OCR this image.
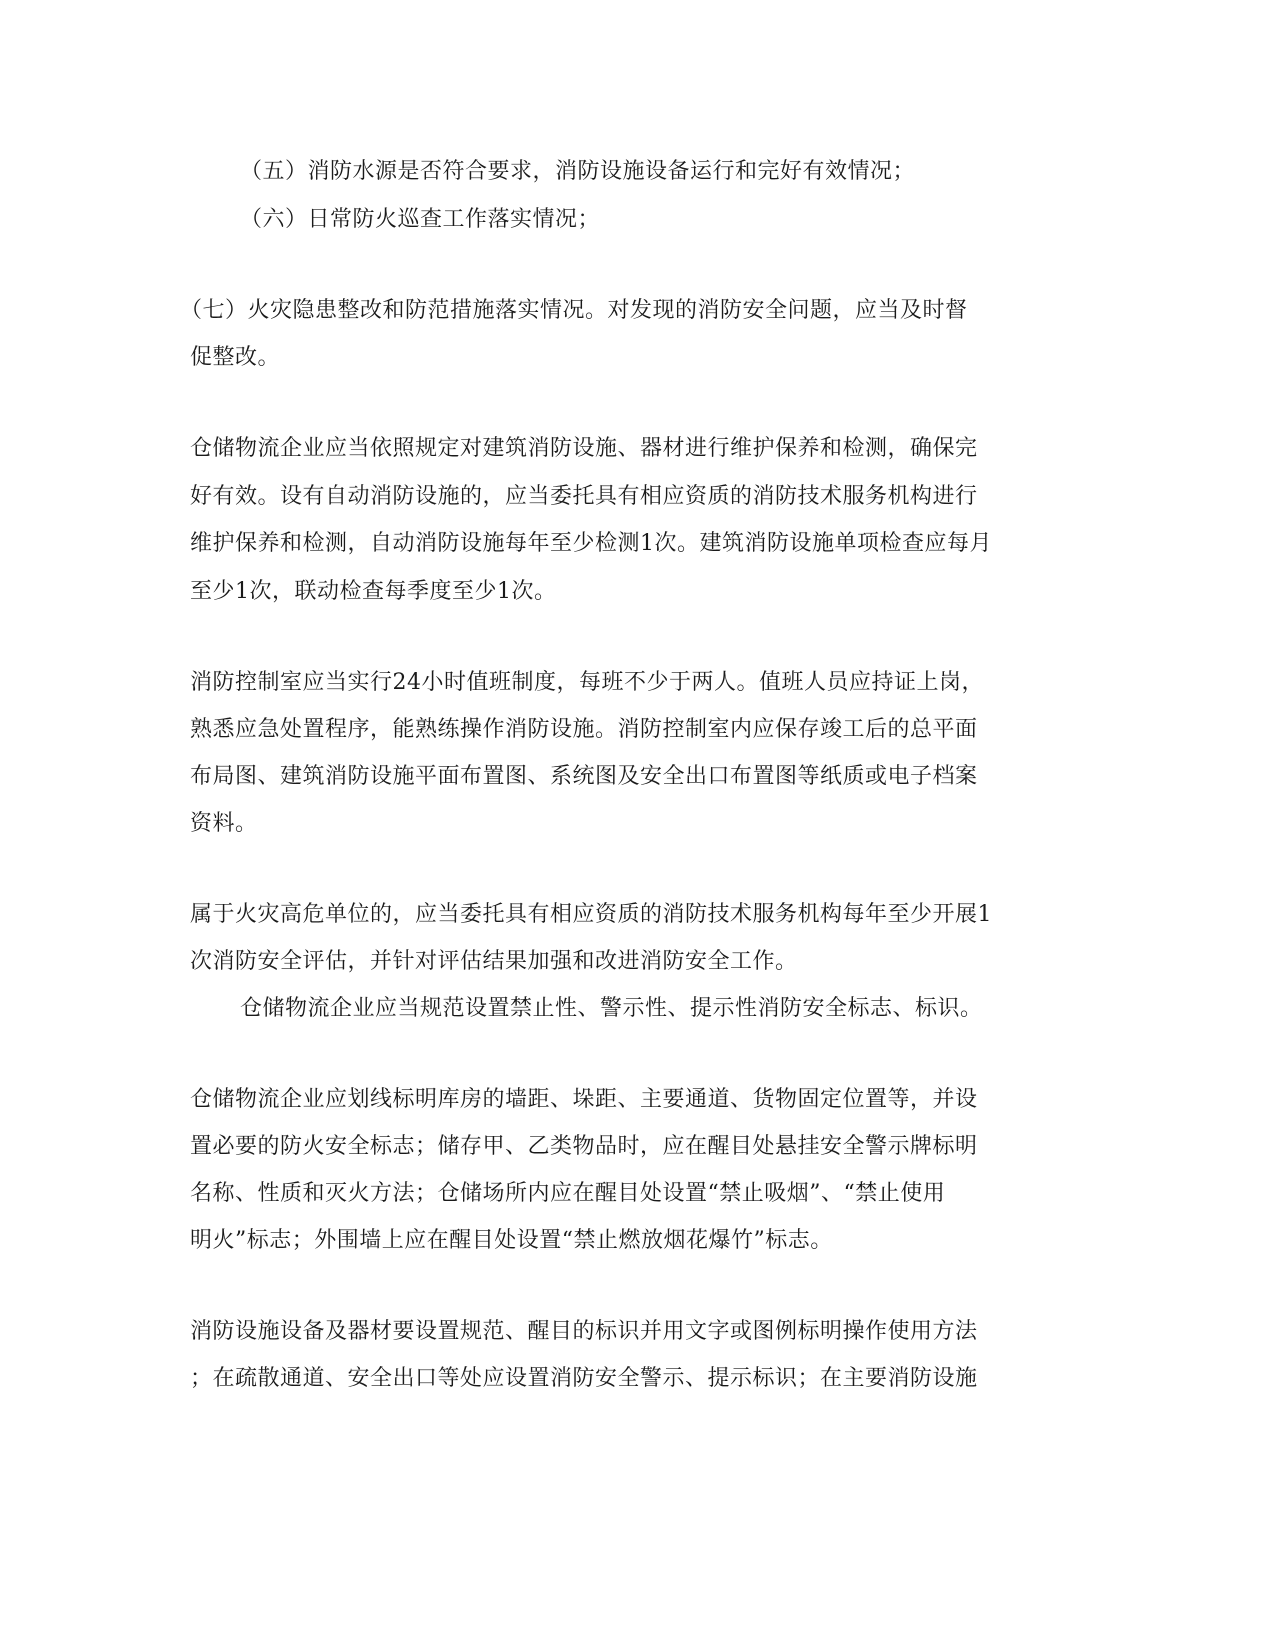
（五）消防水源是否符合要求，消防设施设备运行和完好有效情况；
（六）日常防火巡查工作落实情况；
（七）火灾隐患整改和防范措施落实情况。对发现的消防安全问题，应当及时督
促整改。
仓储物流企业应当依照规定对建筑消防设施、器材进行维护保养和检测，确保完
好有效。设有自动消防设施的，应当委托具有相应资质的消防技术服务机构进行
维护保养和检测，自动消防设施每年至少检测1次。建筑消防设施单项检查应每月
至少1次，联动检查每季度至少1次。
消防控制室应当实行24小时值班制度，每班不少于两人。值班人员应持证上岗，
熟悉应急处置程序，能熟练操作消防设施。消防控制室内应保存竣工后的总平面
布局图、建筑消防设施平面布置图、系统图及安全出口布置图等纸质或电子档案
资料。
属于火灾高危单位的，应当委托具有相应资质的消防技术服务机构每年至少开展1
次消防安全评估，并针对评估结果加强和改进消防安全工作。
仓储物流企业应当规范设置禁止性、警示性、提示性消防安全标志、标识。
仓储物流企业应划线标明库房的墙距、垛距、主要通道、货物固定位置等，并设
置必要的防火安全标志；储存甲、乙类物品时，应在醒目处悬挂安全警示牌标明
名称、性质和灭火方法；仓储场所内应在醒目处设置“禁止吸烟”、“禁止使用
明火”标志；外围墙上应在醒目处设置“禁止燃放烟花爆竹”标志。
消防设施设备及器材要设置规范、醒目的标识并用文字或图例标明操作使用方法
；在疏散通道、安全出口等处应设置消防安全警示、提示标识；在主要消防设施
